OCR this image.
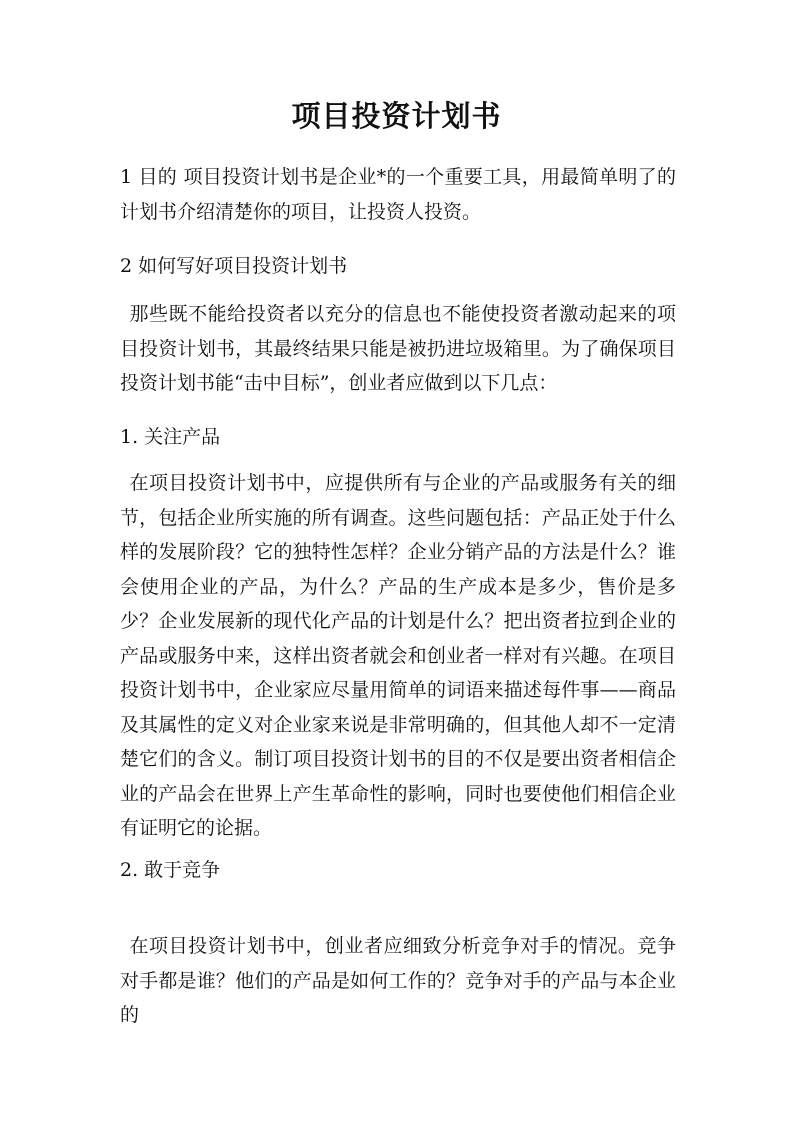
项目投资计划书
1 目的 项目投资计划书是企业*的一个重要工具，用最简单明了的计划书介绍清楚你的项目，让投资人投资。
2 如何写好项目投资计划书
那些既不能给投资者以充分的信息也不能使投资者激动起来的项目投资计划书，其最终结果只能是被扔进垃圾箱里。为了确保项目投资计划书能“击中目标”，创业者应做到以下几点：
1. 关注产品
在项目投资计划书中，应提供所有与企业的产品或服务有关的细节，包括企业所实施的所有调查。这些问题包括：产品正处于什么样的发展阶段？它的独特性怎样？企业分销产品的方法是什么？谁会使用企业的产品，为什么？产品的生产成本是多少，售价是多少？企业发展新的现代化产品的计划是什么？把出资者拉到企业的产品或服务中来，这样出资者就会和创业者一样对有兴趣。在项目投资计划书中，企业家应尽量用简单的词语来描述每件事——商品及其属性的定义对企业家来说是非常明确的，但其他人却不一定清楚它们的含义。制订项目投资计划书的目的不仅是要出资者相信企业的产品会在世界上产生革命性的影响，同时也要使他们相信企业有证明它的论据。
2. 敢于竞争
在项目投资计划书中，创业者应细致分析竞争对手的情况。竞争对手都是谁？他们的产品是如何工作的？竞争对手的产品与本企业的
